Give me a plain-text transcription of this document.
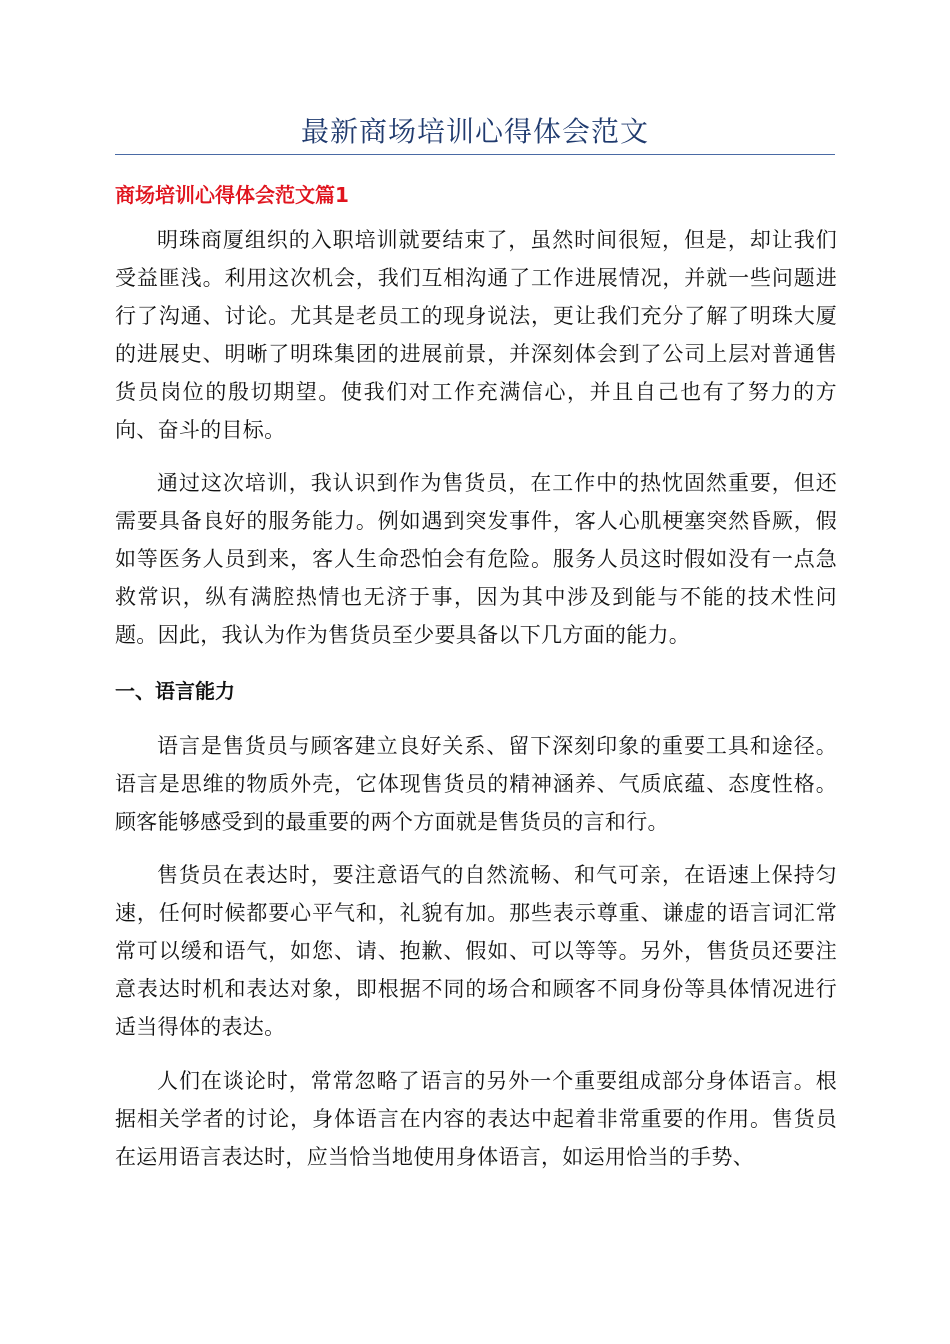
最新商场培训心得体会范文
商场培训心得体会范文篇1

明珠商厦组织的入职培训就要结束了，虽然时间很短，但是，却让我们受益匪浅。利用这次机会，我们互相沟通了工作进展情况，并就一些问题进行了沟通、讨论。尤其是老员工的现身说法，更让我们充分了解了明珠大厦的进展史、明晰了明珠集团的进展前景，并深刻体会到了公司上层对普通售货员岗位的殷切期望。使我们对工作充满信心，并且自己也有了努力的方向、奋斗的目标。

通过这次培训，我认识到作为售货员，在工作中的热忱固然重要，但还需要具备良好的服务能力。例如遇到突发事件，客人心肌梗塞突然昏厥，假如等医务人员到来，客人生命恐怕会有危险。服务人员这时假如没有一点急救常识，纵有满腔热情也无济于事，因为其中涉及到能与不能的技术性问题。因此，我认为作为售货员至少要具备以下几方面的能力。

一、语言能力

语言是售货员与顾客建立良好关系、留下深刻印象的重要工具和途径。语言是思维的物质外壳，它体现售货员的精神涵养、气质底蕴、态度性格。顾客能够感受到的最重要的两个方面就是售货员的言和行。

售货员在表达时，要注意语气的自然流畅、和气可亲，在语速上保持匀速，任何时候都要心平气和，礼貌有加。那些表示尊重、谦虚的语言词汇常常可以缓和语气，如您、请、抱歉、假如、可以等等。另外，售货员还要注意表达时机和表达对象，即根据不同的场合和顾客不同身份等具体情况进行适当得体的表达。

人们在谈论时，常常忽略了语言的另外一个重要组成部分身体语言。根据相关学者的讨论，身体语言在内容的表达中起着非常重要的作用。售货员在运用语言表达时，应当恰当地使用身体语言，如运用恰当的手势、
